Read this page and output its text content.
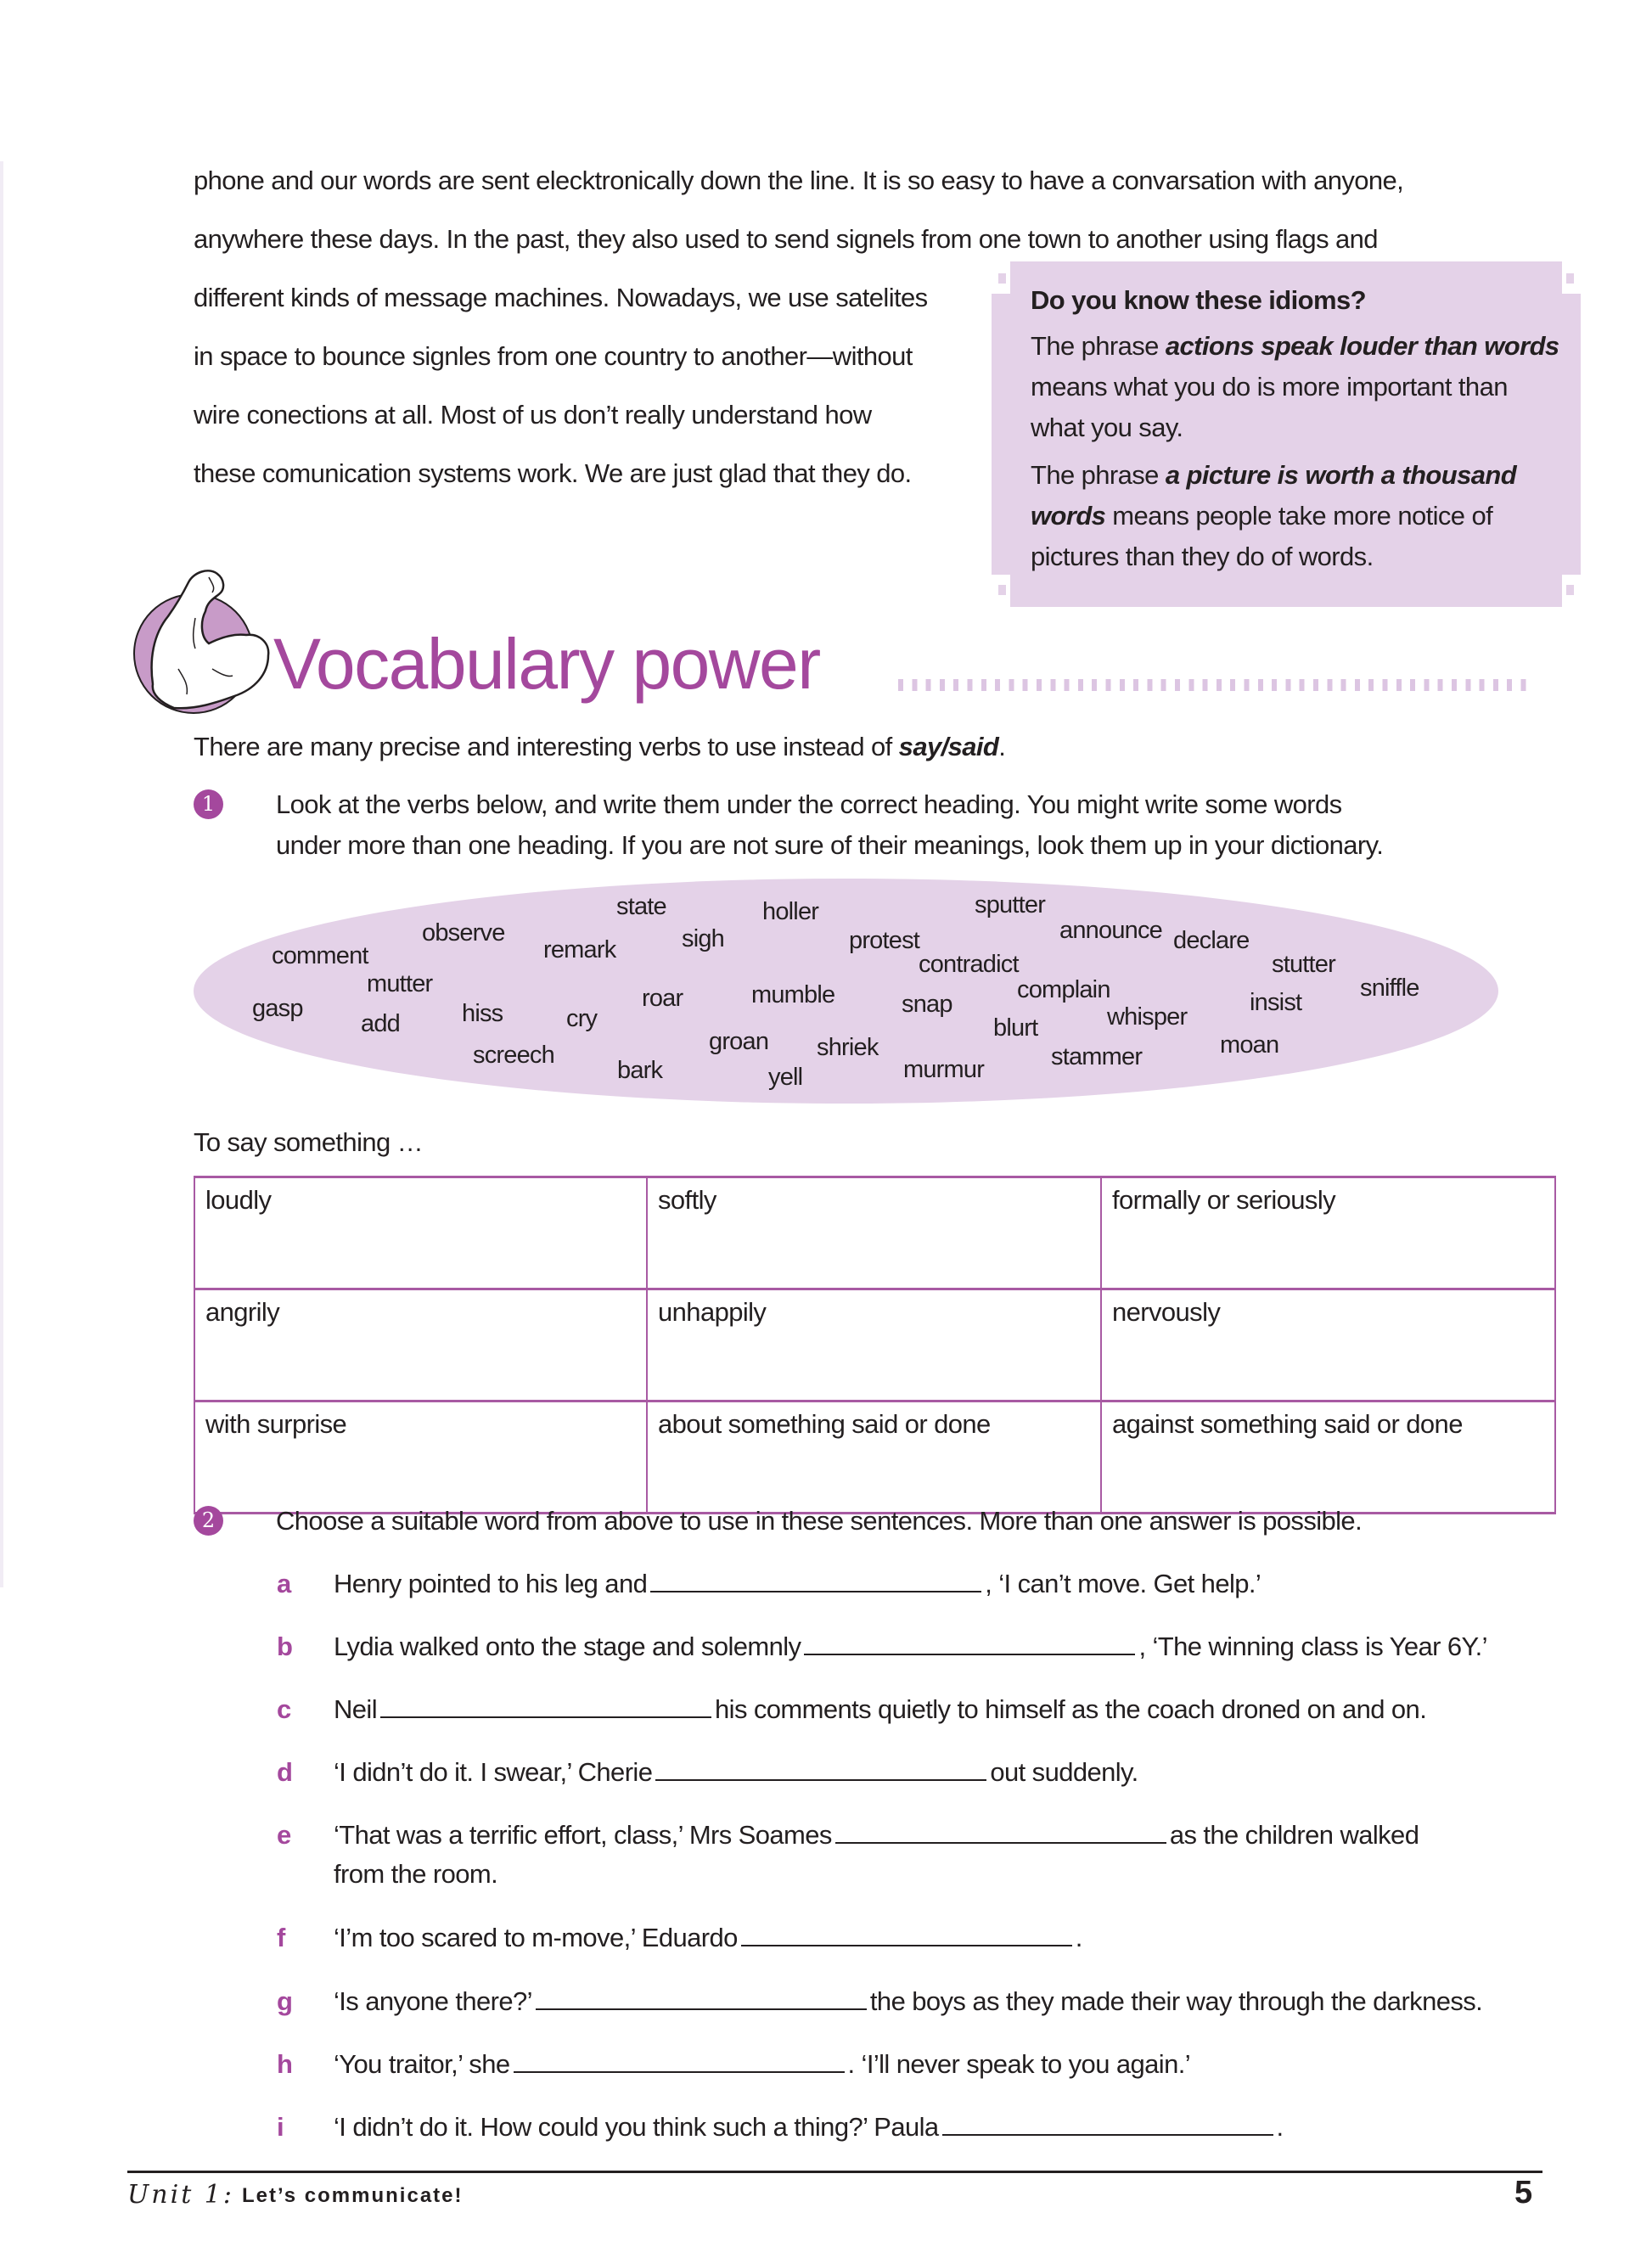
phone and our words are sent elecktronically down the line. It is so easy to have a convarsation with anyone,
anywhere these days. In the past, they also used to send signels from one town to another using flags and
different kinds of message machines. Nowadays, we use satelites
in space to bounce signles from one country to another—without
wire conections at all. Most of us don’t really understand how
these comunication systems work. We are just glad that they do.
Do you know these idioms?
The phrase actions speak louder than words means what you do is more important than what you say.
The phrase a picture is worth a thousand words means people take more notice of pictures than they do of words.
Vocabulary power
There are many precise and interesting verbs to use instead of say/said.
1	Look at the verbs below, and write them under the correct heading. You might write some words
under more than one heading. If you are not sure of their meanings, look them up in your dictionary.
state	holler	sputter
observe	announce declare
comment	remark	sigh	protest
contradict	stutter
mutter	complain	sniffle
gasp	roar	mumble	snap	insist
add	hiss	cry	blurt	whisper
groan shriek	moan
screech	stammer
bark	yell	murmur
To say something …
loudly	softly	formally or seriously
angrily	unhappily	nervously
with surprise	about something said or done	against something said or done
2	Choose a suitable word from above to use in these sentences. More than one answer is possible.
a	Henry pointed to his leg and	, ‘I can’t move. Get help.’
b	Lydia walked onto the stage and solemnly	, ‘The winning class is Year 6Y.’
c	Neil	his comments quietly to himself as the coach droned on and on.
d	‘I didn’t do it. I swear,’ Cherie	out suddenly.
e	‘That was a terrific effort, class,’ Mrs Soames	as the children walked
from the room.
f	‘I’m too scared to m-move,’ Eduardo	.
g	‘Is anyone there?’	the boys as they made their way through the darkness.
h	‘You traitor,’ she	. ‘I’ll never speak to you again.’
i	‘I didn’t do it. How could you think such a thing?’ Paula	.
Unit 1: Let’s communicate!	5
